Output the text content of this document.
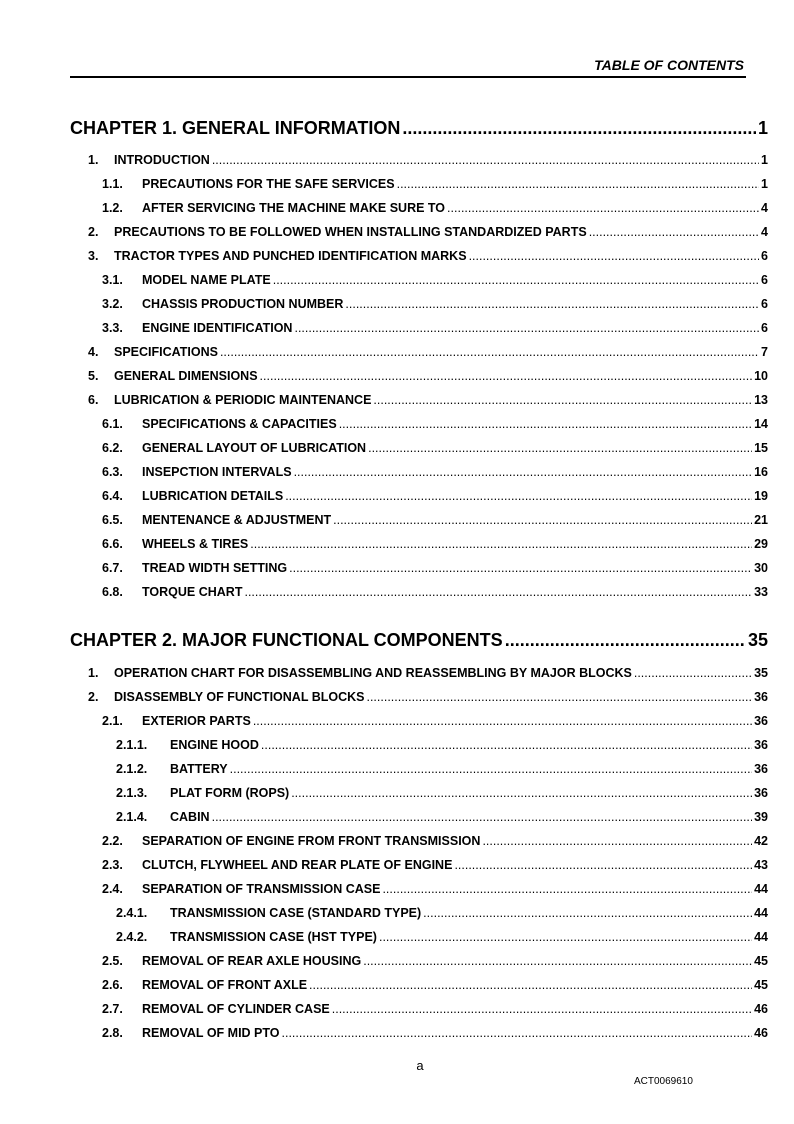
TABLE OF CONTENTS
CHAPTER 1. GENERAL INFORMATION .....	1
1.	INTRODUCTION .....	1
1.1.	PRECAUTIONS FOR THE SAFE SERVICES .....	1
1.2.	AFTER SERVICING THE MACHINE MAKE SURE TO .....	4
2.	PRECAUTIONS TO BE FOLLOWED WHEN INSTALLING STANDARDIZED PARTS .....	4
3.	TRACTOR TYPES AND PUNCHED IDENTIFICATION MARKS .....	6
3.1.	MODEL NAME PLATE .....	6
3.2.	CHASSIS PRODUCTION NUMBER .....	6
3.3.	ENGINE IDENTIFICATION .....	6
4.	SPECIFICATIONS .....	7
5.	GENERAL DIMENSIONS .....	10
6.	LUBRICATION & PERIODIC MAINTENANCE .....	13
6.1.	SPECIFICATIONS & CAPACITIES .....	14
6.2.	GENERAL LAYOUT OF LUBRICATION .....	15
6.3.	INSEPCTION INTERVALS .....	16
6.4.	LUBRICATION DETAILS .....	19
6.5.	MENTENANCE & ADJUSTMENT .....	21
6.6.	WHEELS & TIRES .....	29
6.7.	TREAD WIDTH SETTING .....	30
6.8.	TORQUE CHART .....	33
CHAPTER 2. MAJOR FUNCTIONAL COMPONENTS .....	35
1.	OPERATION CHART FOR DISASSEMBLING AND REASSEMBLING BY MAJOR BLOCKS .....	35
2.	DISASSEMBLY OF FUNCTIONAL BLOCKS .....	36
2.1.	EXTERIOR PARTS .....	36
2.1.1.	ENGINE HOOD .....	36
2.1.2.	BATTERY .....	36
2.1.3.	PLAT FORM (ROPS) .....	36
2.1.4.	CABIN .....	39
2.2.	SEPARATION OF ENGINE FROM FRONT TRANSMISSION .....	42
2.3.	CLUTCH, FLYWHEEL AND REAR PLATE OF ENGINE .....	43
2.4.	SEPARATION OF TRANSMISSION CASE .....	44
2.4.1.	TRANSMISSION CASE (STANDARD TYPE) .....	44
2.4.2.	TRANSMISSION CASE (HST TYPE) .....	44
2.5.	REMOVAL OF REAR AXLE HOUSING .....	45
2.6.	REMOVAL OF FRONT AXLE .....	45
2.7.	REMOVAL OF CYLINDER CASE .....	46
2.8.	REMOVAL OF MID PTO .....	46
a
ACT0069610
